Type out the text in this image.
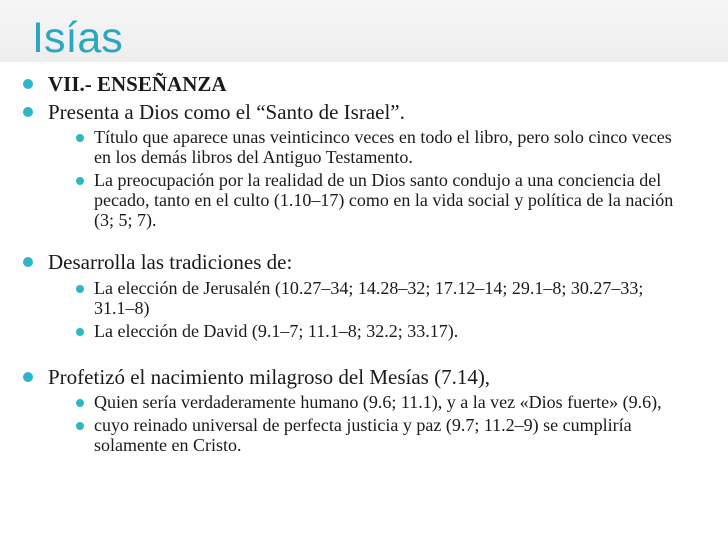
Isías
VII.- ENSEÑANZA
Presenta a Dios como el “Santo de Israel”.
Título que aparece unas veinticinco veces en todo el libro, pero solo cinco veces en los demás libros del Antiguo Testamento.
La preocupación por la realidad de un Dios santo condujo a una conciencia del pecado, tanto en el culto (1.10–17) como en la vida social y política de la nación (3; 5; 7).
Desarrolla las tradiciones de:
La elección de Jerusalén (10.27–34; 14.28–32; 17.12–14; 29.1–8; 30.27–33; 31.1–8)
La elección de David (9.1–7; 11.1–8; 32.2; 33.17).
Profetizó el nacimiento milagroso del Mesías (7.14),
Quien sería verdaderamente humano (9.6; 11.1), y a la vez «Dios fuerte» (9.6),
cuyo reinado universal de perfecta justicia y paz (9.7; 11.2–9) se cumpliría solamente en Cristo.
